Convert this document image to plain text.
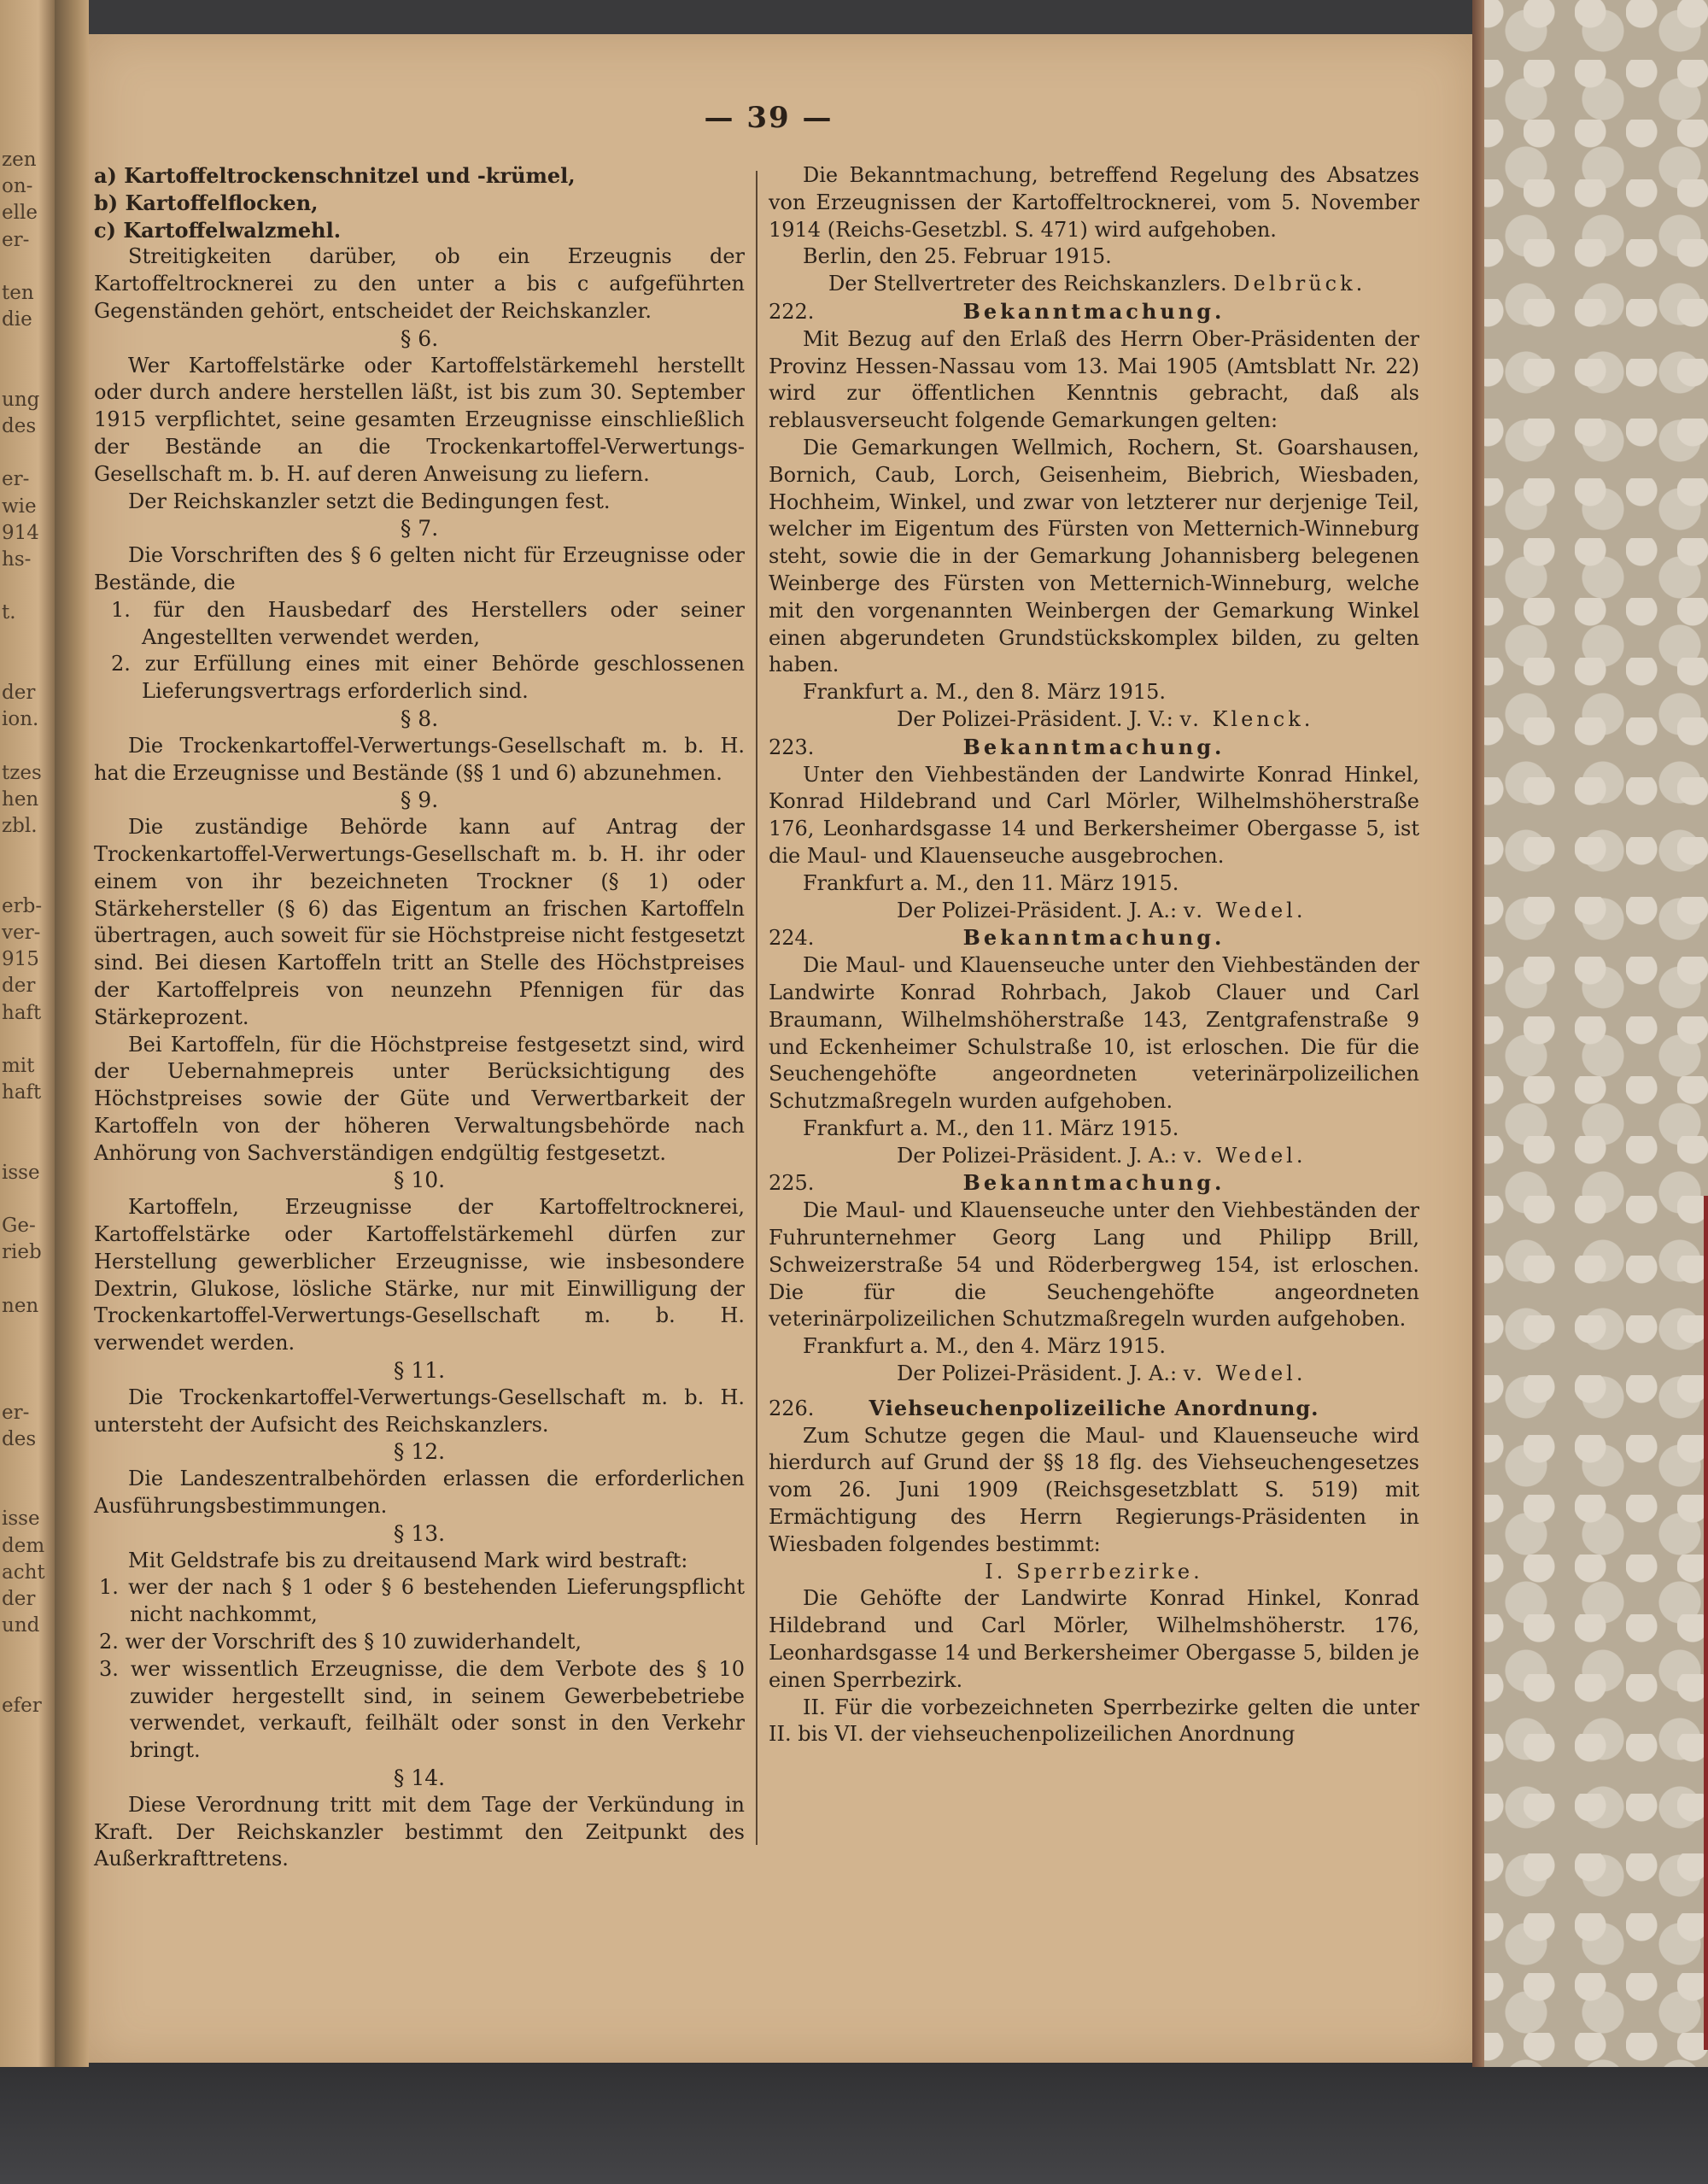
zen
on-
elle
er-

ten
die

ung
des

er-
wie
914
hs-

t.

der
ion.

tzes
hen
zbl.

erb-
ver-
915
der
haft

mit
haft

isse

Ge-
rieb

nen

er-
des

isse
dem
acht
der
und

efer
— 39 —

a) Kartoffeltrockenschnitzel und -krümel,

b) Kartoffelflocken,

c) Kartoffelwalzmehl.

Streitigkeiten darüber, ob ein Erzeugnis der Kartoffeltrocknerei zu den unter a bis c aufgeführten Gegenständen gehört, entscheidet der Reichskanzler.

§ 6.

Wer Kartoffelstärke oder Kartoffelstärkemehl herstellt oder durch andere herstellen läßt, ist bis zum 30. September 1915 verpflichtet, seine gesamten Erzeugnisse einschließlich der Bestände an die Trockenkartoffel-Verwertungs-Gesellschaft m. b. H. auf deren Anweisung zu liefern.

Der Reichskanzler setzt die Bedingungen fest.

§ 7.

Die Vorschriften des § 6 gelten nicht für Erzeugnisse oder Bestände, die

1. für den Hausbedarf des Herstellers oder seiner Angestellten verwendet werden,

2. zur Erfüllung eines mit einer Behörde geschlossenen Lieferungsvertrags erforderlich sind.

§ 8.

Die Trockenkartoffel-Verwertungs-Gesellschaft m. b. H. hat die Erzeugnisse und Bestände (§§ 1 und 6) abzunehmen.

§ 9.

Die zuständige Behörde kann auf Antrag der Trockenkartoffel-Verwertungs-Gesellschaft m. b. H. ihr oder einem von ihr bezeichneten Trockner (§ 1) oder Stärkehersteller (§ 6) das Eigentum an frischen Kartoffeln übertragen, auch soweit für sie Höchstpreise nicht festgesetzt sind. Bei diesen Kartoffeln tritt an Stelle des Höchstpreises der Kartoffelpreis von neunzehn Pfennigen für das Stärkeprozent.

Bei Kartoffeln, für die Höchstpreise festgesetzt sind, wird der Uebernahmepreis unter Berücksichtigung des Höchstpreises sowie der Güte und Verwertbarkeit der Kartoffeln von der höheren Verwaltungsbehörde nach Anhörung von Sachverständigen endgültig festgesetzt.

§ 10.

Kartoffeln, Erzeugnisse der Kartoffeltrocknerei, Kartoffelstärke oder Kartoffelstärkemehl dürfen zur Herstellung gewerblicher Erzeugnisse, wie insbesondere Dextrin, Glukose, lösliche Stärke, nur mit Einwilligung der Trockenkartoffel-Verwertungs-Gesellschaft m. b. H. verwendet werden.

§ 11.

Die Trockenkartoffel-Verwertungs-Gesellschaft m. b. H. untersteht der Aufsicht des Reichskanzlers.

§ 12.

Die Landeszentralbehörden erlassen die erforderlichen Ausführungsbestimmungen.

§ 13.

Mit Geldstrafe bis zu dreitausend Mark wird bestraft:

1. wer der nach § 1 oder § 6 bestehenden Lieferungspflicht nicht nachkommt,

2. wer der Vorschrift des § 10 zuwiderhandelt,

3. wer wissentlich Erzeugnisse, die dem Verbote des § 10 zuwider hergestellt sind, in seinem Gewerbebetriebe verwendet, verkauft, feilhält oder sonst in den Verkehr bringt.

§ 14.

Diese Verordnung tritt mit dem Tage der Verkündung in Kraft. Der Reichskanzler bestimmt den Zeitpunkt des Außerkrafttretens.

Die Bekanntmachung, betreffend Regelung des Absatzes von Erzeugnissen der Kartoffeltrocknerei, vom 5. November 1914 (Reichs-Gesetzbl. S. 471) wird aufgehoben.

Berlin, den 25. Februar 1915.

Der Stellvertreter des Reichskanzlers. Delbrück.

222.	Bekanntmachung.

Mit Bezug auf den Erlaß des Herrn Ober-Präsidenten der Provinz Hessen-Nassau vom 13. Mai 1905 (Amtsblatt Nr. 22) wird zur öffentlichen Kenntnis gebracht, daß als reblausverseucht folgende Gemarkungen gelten:

Die Gemarkungen Wellmich, Rochern, St. Goarshausen, Bornich, Caub, Lorch, Geisenheim, Biebrich, Wiesbaden, Hochheim, Winkel, und zwar von letzterer nur derjenige Teil, welcher im Eigentum des Fürsten von Metternich-Winneburg steht, sowie die in der Gemarkung Johannisberg belegenen Weinberge des Fürsten von Metternich-Winneburg, welche mit den vorgenannten Weinbergen der Gemarkung Winkel einen abgerundeten Grundstückskomplex bilden, zu gelten haben.

Frankfurt a. M., den 8. März 1915.

Der Polizei-Präsident. J. V.: v. Klenck.

223.	Bekanntmachung.

Unter den Viehbeständen der Landwirte Konrad Hinkel, Konrad Hildebrand und Carl Mörler, Wilhelmshöherstraße 176, Leonhardsgasse 14 und Berkersheimer Obergasse 5, ist die Maul- und Klauenseuche ausgebrochen.

Frankfurt a. M., den 11. März 1915.

Der Polizei-Präsident. J. A.: v. Wedel.

224.	Bekanntmachung.

Die Maul- und Klauenseuche unter den Viehbeständen der Landwirte Konrad Rohrbach, Jakob Clauer und Carl Braumann, Wilhelmshöherstraße 143, Zentgrafenstraße 9 und Eckenheimer Schulstraße 10, ist erloschen. Die für die Seuchengehöfte angeordneten veterinärpolizeilichen Schutzmaßregeln wurden aufgehoben.

Frankfurt a. M., den 11. März 1915.

Der Polizei-Präsident. J. A.: v. Wedel.

225.	Bekanntmachung.

Die Maul- und Klauenseuche unter den Viehbeständen der Fuhrunternehmer Georg Lang und Philipp Brill, Schweizerstraße 54 und Röderbergweg 154, ist erloschen. Die für die Seuchengehöfte angeordneten veterinärpolizeilichen Schutzmaßregeln wurden aufgehoben.

Frankfurt a. M., den 4. März 1915.

Der Polizei-Präsident. J. A.: v. Wedel.

226.	Viehseuchenpolizeiliche Anordnung.

Zum Schutze gegen die Maul- und Klauenseuche wird hierdurch auf Grund der §§ 18 flg. des Viehseuchengesetzes vom 26. Juni 1909 (Reichsgesetzblatt S. 519) mit Ermächtigung des Herrn Regierungs-Präsidenten in Wiesbaden folgendes bestimmt:

I. Sperrbezirke.

Die Gehöfte der Landwirte Konrad Hinkel, Konrad Hildebrand und Carl Mörler, Wilhelmshöherstr. 176, Leonhardsgasse 14 und Berkersheimer Obergasse 5, bilden je einen Sperrbezirk.

II. Für die vorbezeichneten Sperrbezirke gelten die unter II. bis VI. der viehseuchenpolizeilichen Anordnung
